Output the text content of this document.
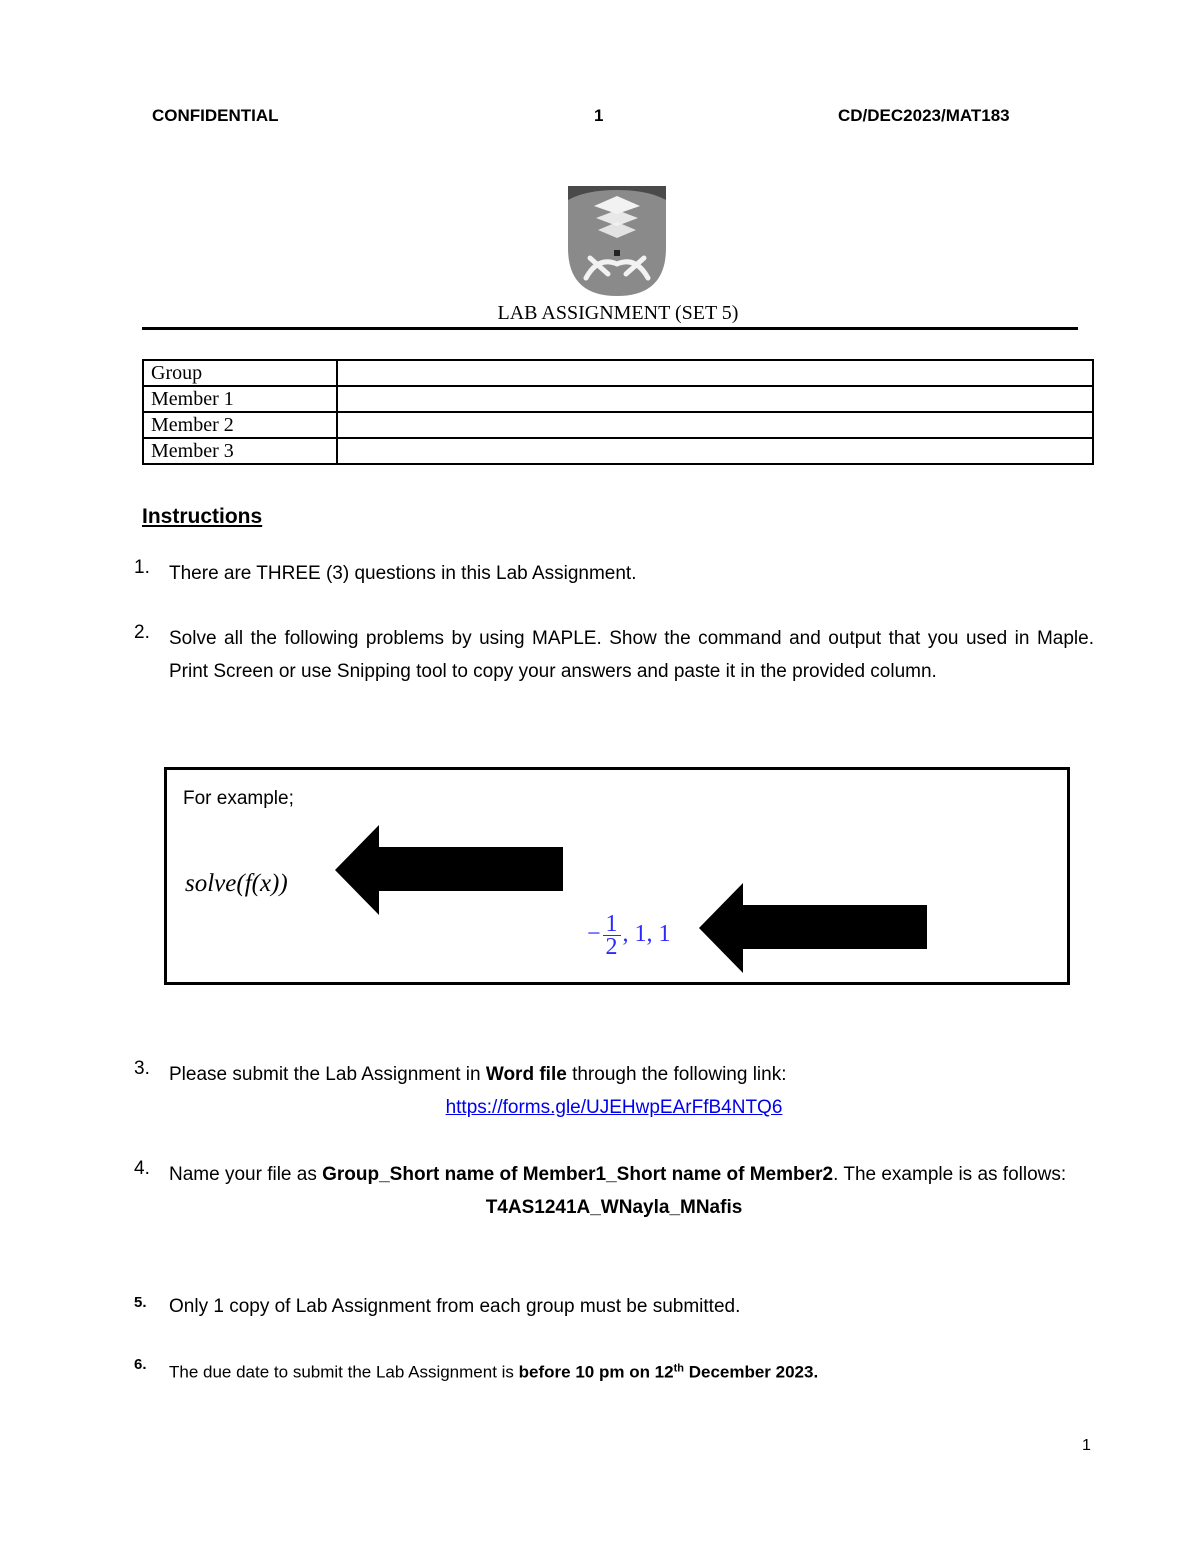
CONFIDENTIAL	1	CD/DEC2023/MAT183
LAB ASSIGNMENT (SET 5)
Group	
Member 1	
Member 2	
Member 3	
Instructions
1. There are THREE (3) questions in this Lab Assignment.
2. Solve all the following problems by using MAPLE. Show the command and output that you used in Maple. Print Screen or use Snipping tool to copy your answers and paste it in the provided column.
For example;
solve(f(x))
− $\frac{1}{2}$ , 1, 1
3. Please submit the Lab Assignment in Word file through the following link:
https://forms.gle/UJEHwpEArFfB4NTQ6
4. Name your file as Group_Short name of Member1_Short name of Member2. The example is as follows:
T4AS1241A_WNayla_MNafis
5. Only 1 copy of Lab Assignment from each group must be submitted.
6. The due date to submit the Lab Assignment is before 10 pm on 12th December 2023.
1
